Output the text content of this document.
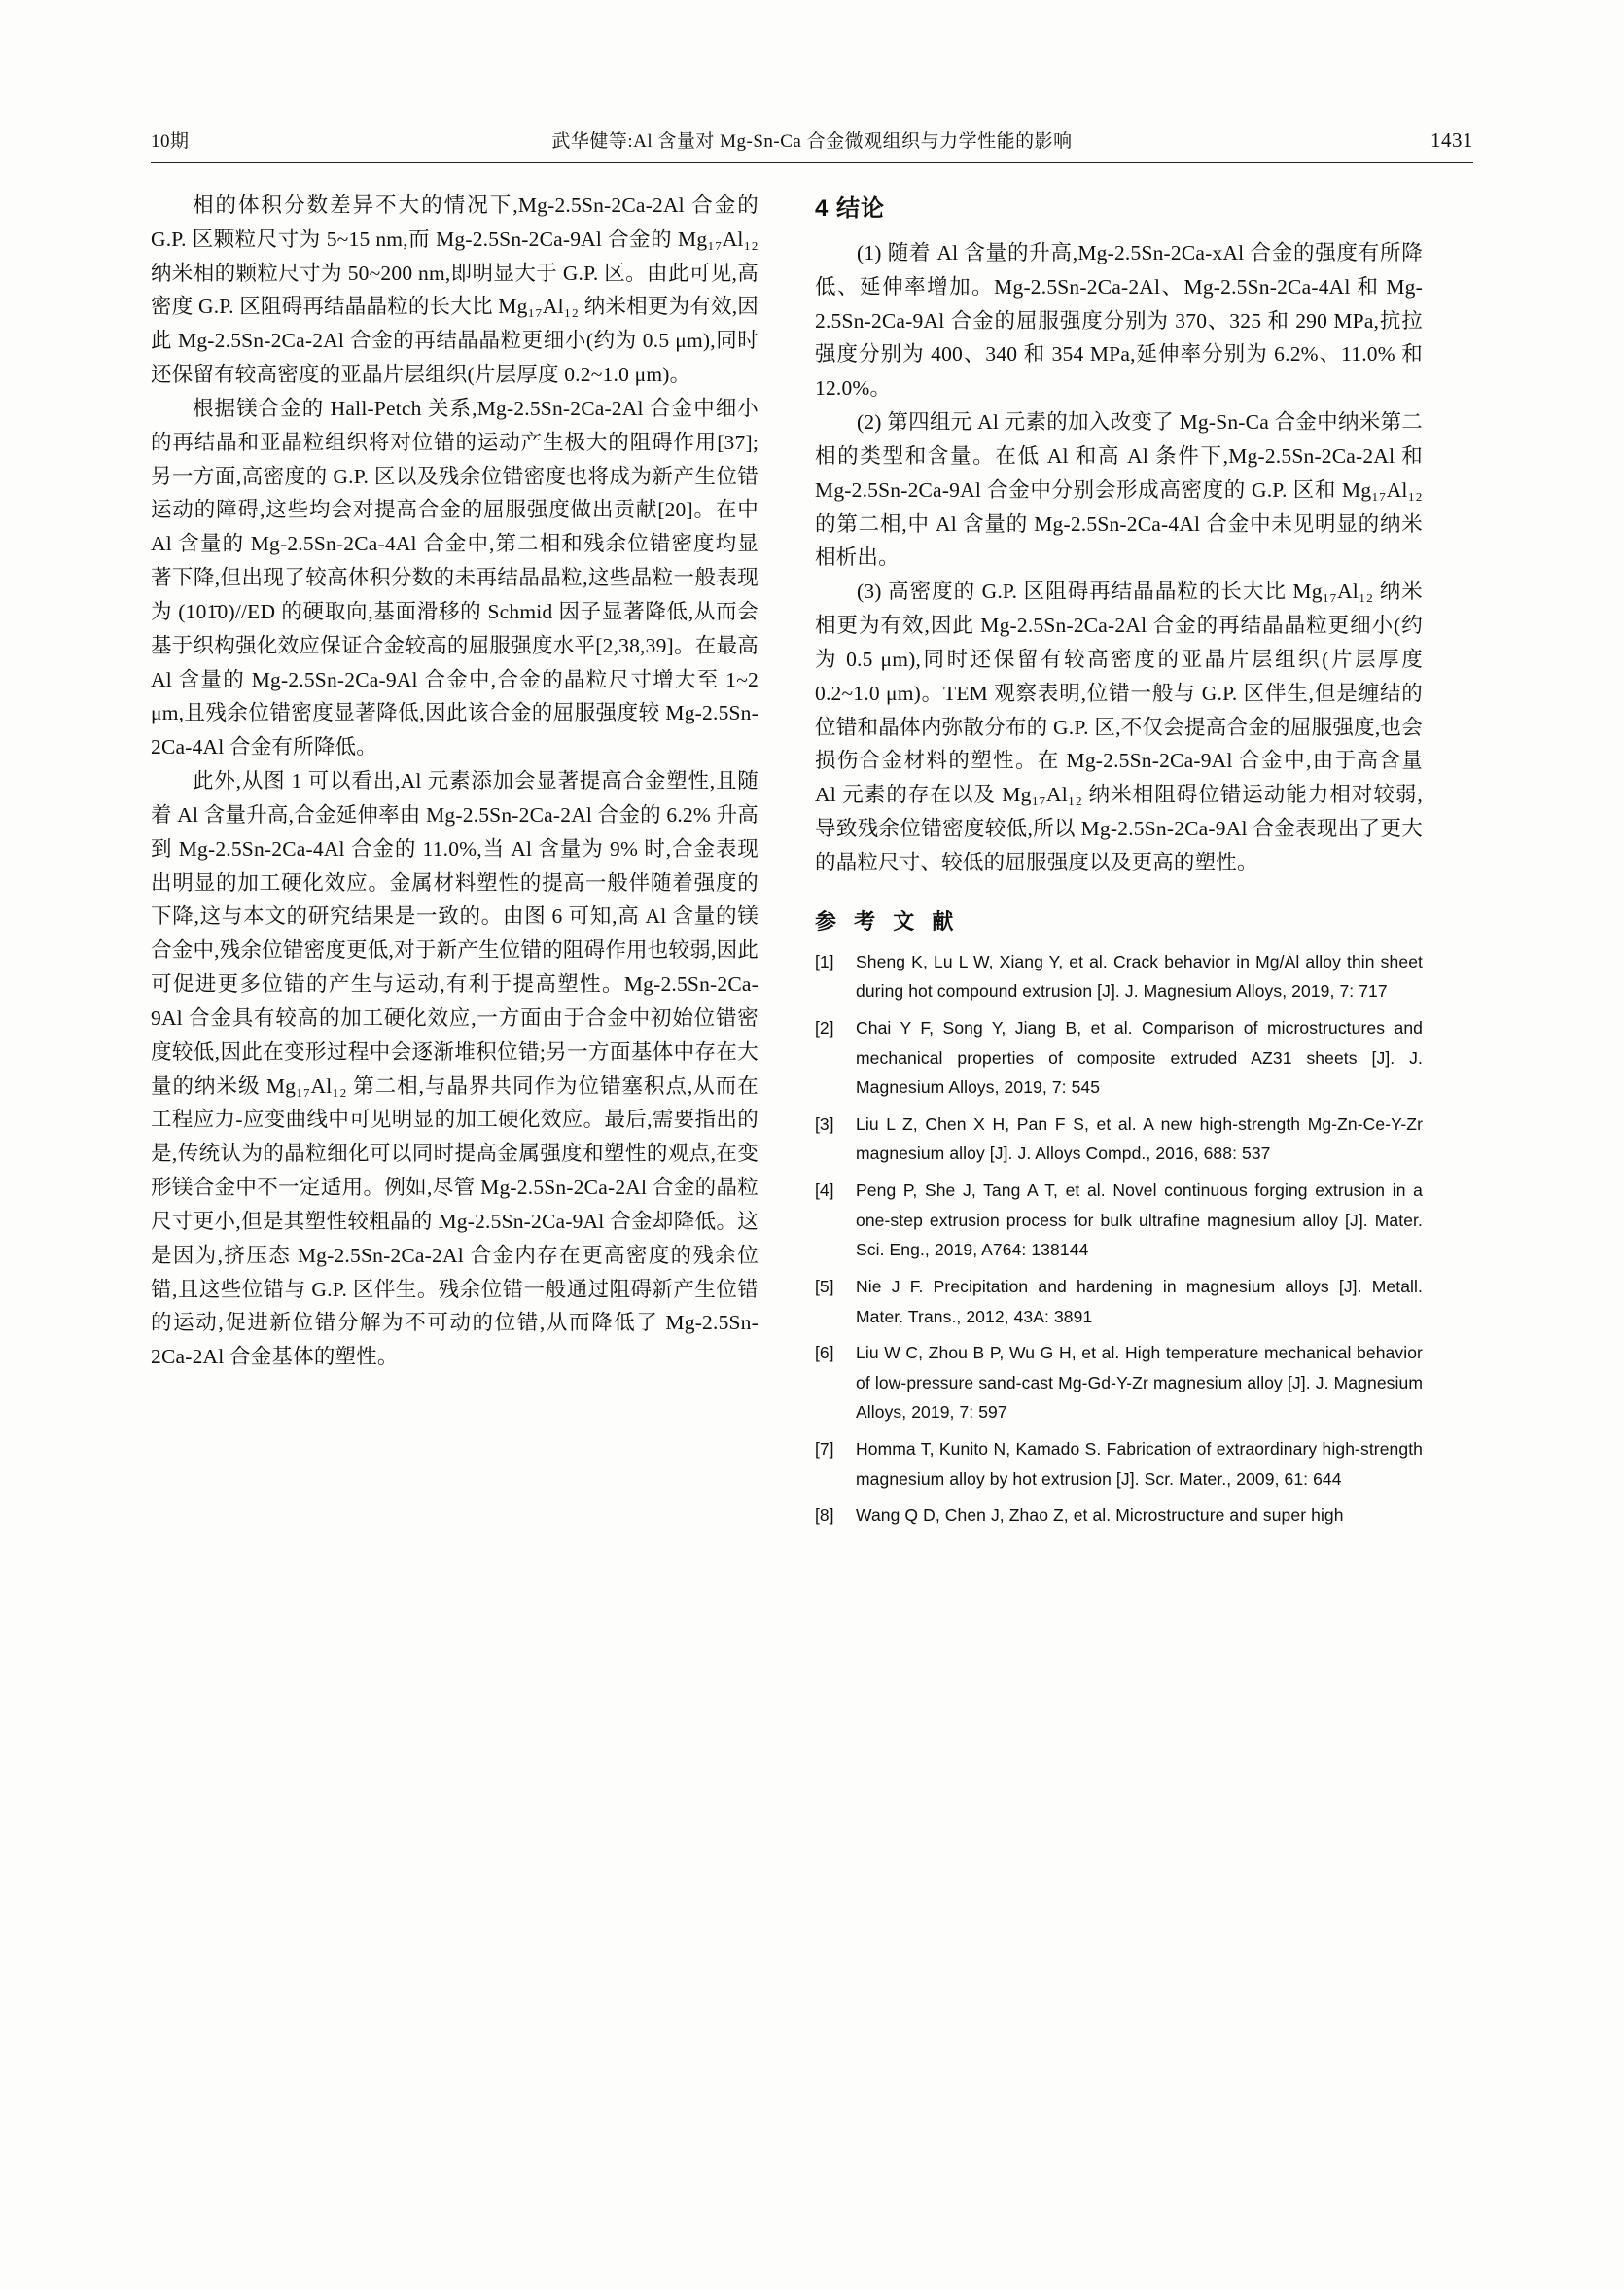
10期	武华健等:Al 含量对 Mg-Sn-Ca 合金微观组织与力学性能的影响	1431

相的体积分数差异不大的情况下,Mg-2.5Sn-2Ca-2Al 合金的 G.P. 区颗粒尺寸为 5~15 nm,而 Mg-2.5Sn-2Ca-9Al 合金的 Mg₁₇Al₁₂ 纳米相的颗粒尺寸为 50~200 nm,即明显大于 G.P. 区。由此可见,高密度 G.P. 区阻碍再结晶晶粒的长大比 Mg₁₇Al₁₂ 纳米相更为有效,因此 Mg-2.5Sn-2Ca-2Al 合金的再结晶晶粒更细小(约为 0.5 μm),同时还保留有较高密度的亚晶片层组织(片层厚度 0.2~1.0 μm)。

根据镁合金的 Hall-Petch 关系,Mg-2.5Sn-2Ca-2Al 合金中细小的再结晶和亚晶粒组织将对位错的运动产生极大的阻碍作用[37];另一方面,高密度的 G.P. 区以及残余位错密度也将成为新产生位错运动的障碍,这些均会对提高合金的屈服强度做出贡献[20]。在中 Al 含量的 Mg-2.5Sn-2Ca-4Al 合金中,第二相和残余位错密度均显著下降,但出现了较高体积分数的未再结晶晶粒,这些晶粒一般表现为 (101̄0)//ED 的硬取向,基面滑移的 Schmid 因子显著降低,从而会基于织构强化效应保证合金较高的屈服强度水平[2,38,39]。在最高 Al 含量的 Mg-2.5Sn-2Ca-9Al 合金中,合金的晶粒尺寸增大至 1~2 μm,且残余位错密度显著降低,因此该合金的屈服强度较 Mg-2.5Sn-2Ca-4Al 合金有所降低。

此外,从图 1 可以看出,Al 元素添加会显著提高合金塑性,且随着 Al 含量升高,合金延伸率由 Mg-2.5Sn-2Ca-2Al 合金的 6.2% 升高到 Mg-2.5Sn-2Ca-4Al 合金的 11.0%,当 Al 含量为 9% 时,合金表现出明显的加工硬化效应。金属材料塑性的提高一般伴随着强度的下降,这与本文的研究结果是一致的。由图 6 可知,高 Al 含量的镁合金中,残余位错密度更低,对于新产生位错的阻碍作用也较弱,因此可促进更多位错的产生与运动,有利于提高塑性。Mg-2.5Sn-2Ca-9Al 合金具有较高的加工硬化效应,一方面由于合金中初始位错密度较低,因此在变形过程中会逐渐堆积位错;另一方面基体中存在大量的纳米级 Mg₁₇Al₁₂ 第二相,与晶界共同作为位错塞积点,从而在工程应力-应变曲线中可见明显的加工硬化效应。最后,需要指出的是,传统认为的晶粒细化可以同时提高金属强度和塑性的观点,在变形镁合金中不一定适用。例如,尽管 Mg-2.5Sn-2Ca-2Al 合金的晶粒尺寸更小,但是其塑性较粗晶的 Mg-2.5Sn-2Ca-9Al 合金却降低。这是因为,挤压态 Mg-2.5Sn-2Ca-2Al 合金内存在更高密度的残余位错,且这些位错与 G.P. 区伴生。残余位错一般通过阻碍新产生位错的运动,促进新位错分解为不可动的位错,从而降低了 Mg-2.5Sn-2Ca-2Al 合金基体的塑性。

4 结论

(1) 随着 Al 含量的升高,Mg-2.5Sn-2Ca-xAl 合金的强度有所降低、延伸率增加。Mg-2.5Sn-2Ca-2Al、Mg-2.5Sn-2Ca-4Al 和 Mg-2.5Sn-2Ca-9Al 合金的屈服强度分别为 370、325 和 290 MPa,抗拉强度分别为 400、340 和 354 MPa,延伸率分别为 6.2%、11.0% 和 12.0%。

(2) 第四组元 Al 元素的加入改变了 Mg-Sn-Ca 合金中纳米第二相的类型和含量。在低 Al 和高 Al 条件下,Mg-2.5Sn-2Ca-2Al 和 Mg-2.5Sn-2Ca-9Al 合金中分别会形成高密度的 G.P. 区和 Mg₁₇Al₁₂ 的第二相,中 Al 含量的 Mg-2.5Sn-2Ca-4Al 合金中未见明显的纳米相析出。

(3) 高密度的 G.P. 区阻碍再结晶晶粒的长大比 Mg₁₇Al₁₂ 纳米相更为有效,因此 Mg-2.5Sn-2Ca-2Al 合金的再结晶晶粒更细小(约为 0.5 μm),同时还保留有较高密度的亚晶片层组织(片层厚度 0.2~1.0 μm)。TEM 观察表明,位错一般与 G.P. 区伴生,但是缠结的位错和晶体内弥散分布的 G.P. 区,不仅会提高合金的屈服强度,也会损伤合金材料的塑性。在 Mg-2.5Sn-2Ca-9Al 合金中,由于高含量 Al 元素的存在以及 Mg₁₇Al₁₂ 纳米相阻碍位错运动能力相对较弱,导致残余位错密度较低,所以 Mg-2.5Sn-2Ca-9Al 合金表现出了更大的晶粒尺寸、较低的屈服强度以及更高的塑性。

参 考 文 献
[1]	Sheng K, Lu L W, Xiang Y, et al. Crack behavior in Mg/Al alloy thin sheet during hot compound extrusion [J]. J. Magnesium Alloys, 2019, 7: 717
[2]	Chai Y F, Song Y, Jiang B, et al. Comparison of microstructures and mechanical properties of composite extruded AZ31 sheets [J]. J. Magnesium Alloys, 2019, 7: 545
[3]	Liu L Z, Chen X H, Pan F S, et al. A new high-strength Mg-Zn-Ce-Y-Zr magnesium alloy [J]. J. Alloys Compd., 2016, 688: 537
[4]	Peng P, She J, Tang A T, et al. Novel continuous forging extrusion in a one-step extrusion process for bulk ultrafine magnesium alloy [J]. Mater. Sci. Eng., 2019, A764: 138144
[5]	Nie J F. Precipitation and hardening in magnesium alloys [J]. Metall. Mater. Trans., 2012, 43A: 3891
[6]	Liu W C, Zhou B P, Wu G H, et al. High temperature mechanical behavior of low-pressure sand-cast Mg-Gd-Y-Zr magnesium alloy [J]. J. Magnesium Alloys, 2019, 7: 597
[7]	Homma T, Kunito N, Kamado S. Fabrication of extraordinary high-strength magnesium alloy by hot extrusion [J]. Scr. Mater., 2009, 61: 644
[8]	Wang Q D, Chen J, Zhao Z, et al. Microstructure and super high
